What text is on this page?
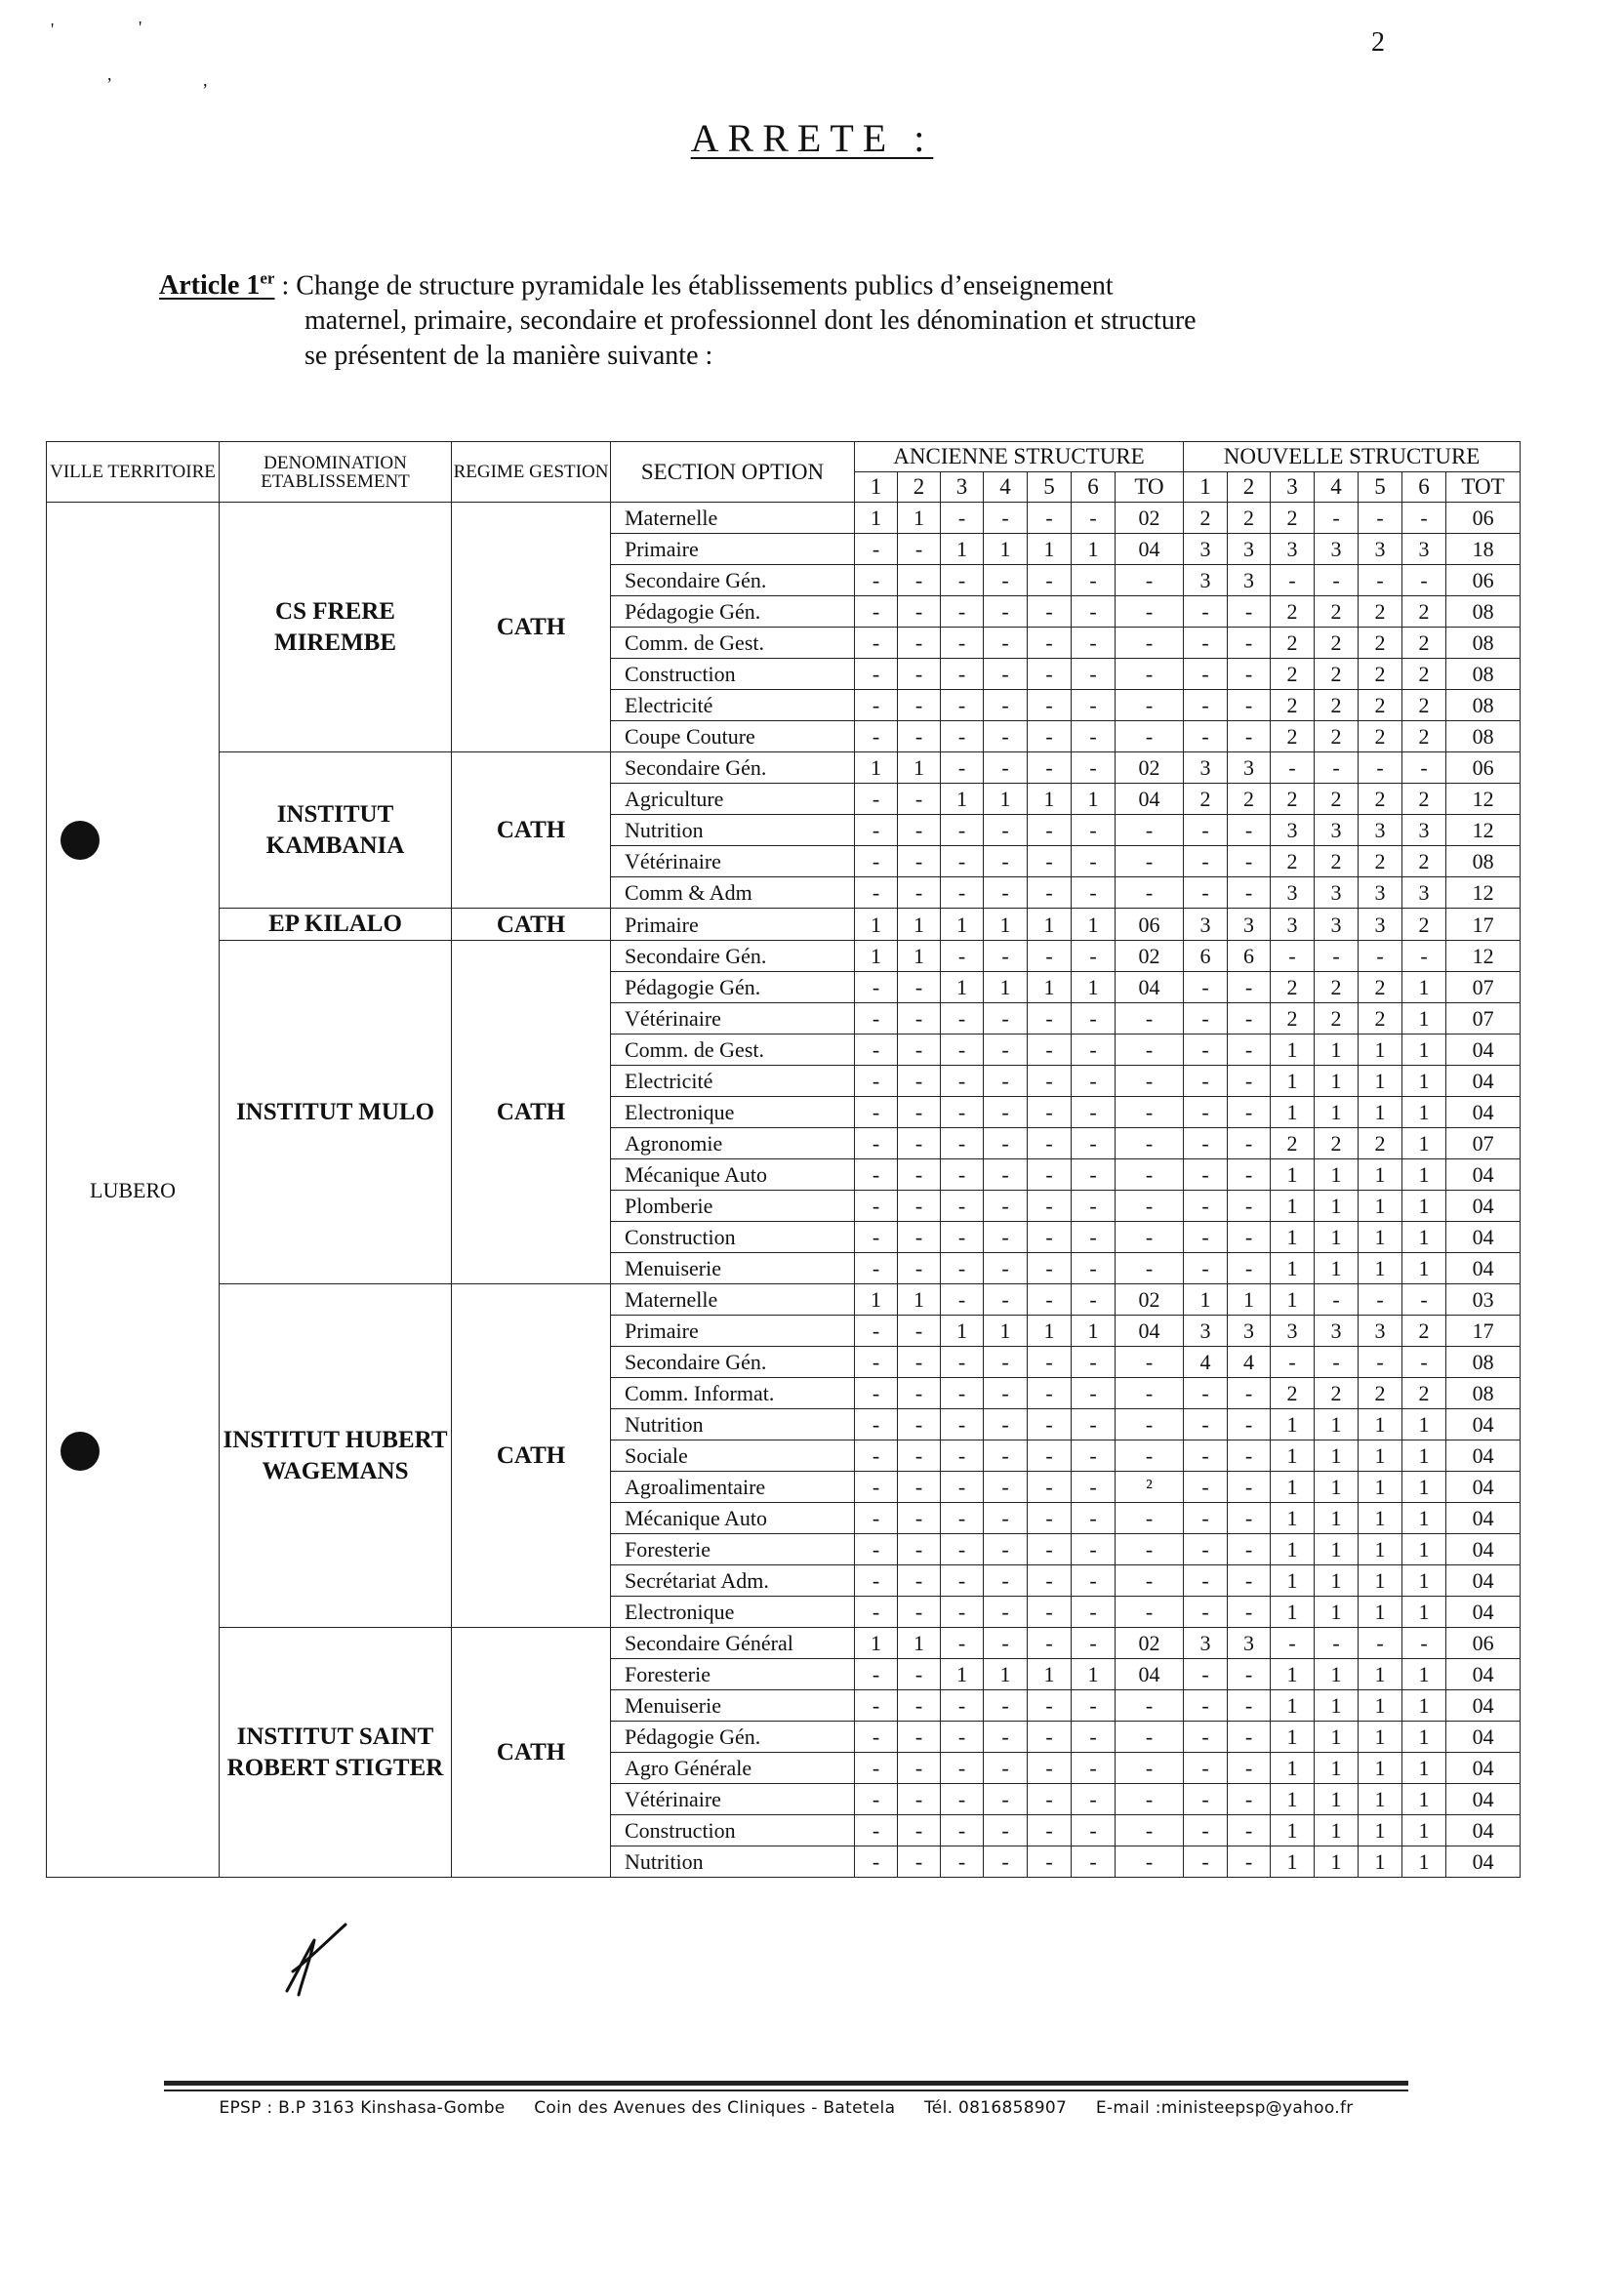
'	'
,	,
2
ARRETE :
Article 1er : Change de structure pyramidale les établissements publics d’enseignement
maternel, primaire, secondaire et professionnel dont les dénomination et structure
se présentent de la manière suivante :
VILLE TERRITOIRE	DENOMINATION ETABLISSEMENT	REGIME GESTION	SECTION OPTION	ANCIENNE STRUCTURE							NOUVELLE STRUCTURE						
				1	2	3	4	5	6	TO	1	2	3	4	5	6	TOT
LUBERO	CS FRERE MIREMBE	CATH	Maternelle	1	1	-	-	-	-	02	2	2	2	-	-	-	06
			Primaire	-	-	1	1	1	1	04	3	3	3	3	3	3	18
			Secondaire Gén.	-	-	-	-	-	-	-	3	3	-	-	-	-	06
			Pédagogie Gén.	-	-	-	-	-	-	-	-	-	2	2	2	2	08
			Comm. de Gest.	-	-	-	-	-	-	-	-	-	2	2	2	2	08
			Construction	-	-	-	-	-	-	-	-	-	2	2	2	2	08
			Electricité	-	-	-	-	-	-	-	-	-	2	2	2	2	08
			Coupe Couture	-	-	-	-	-	-	-	-	-	2	2	2	2	08
	INSTITUT KAMBANIA	CATH	Secondaire Gén.	1	1	-	-	-	-	02	3	3	-	-	-	-	06
			Agriculture	-	-	1	1	1	1	04	2	2	2	2	2	2	12
			Nutrition	-	-	-	-	-	-	-	-	-	3	3	3	3	12
			Vétérinaire	-	-	-	-	-	-	-	-	-	2	2	2	2	08
			Comm & Adm	-	-	-	-	-	-	-	-	-	3	3	3	3	12
	EP KILALO	CATH	Primaire	1	1	1	1	1	1	06	3	3	3	3	3	2	17
	INSTITUT MULO	CATH	Secondaire Gén.	1	1	-	-	-	-	02	6	6	-	-	-	-	12
			Pédagogie Gén.	-	-	1	1	1	1	04	-	-	2	2	2	1	07
			Vétérinaire	-	-	-	-	-	-	-	-	-	2	2	2	1	07
			Comm. de Gest.	-	-	-	-	-	-	-	-	-	1	1	1	1	04
			Electricité	-	-	-	-	-	-	-	-	-	1	1	1	1	04
			Electronique	-	-	-	-	-	-	-	-	-	1	1	1	1	04
			Agronomie	-	-	-	-	-	-	-	-	-	2	2	2	1	07
			Mécanique Auto	-	-	-	-	-	-	-	-	-	1	1	1	1	04
			Plomberie	-	-	-	-	-	-	-	-	-	1	1	1	1	04
			Construction	-	-	-	-	-	-	-	-	-	1	1	1	1	04
			Menuiserie	-	-	-	-	-	-	-	-	-	1	1	1	1	04
	INSTITUT HUBERT WAGEMANS	CATH	Maternelle	1	1	-	-	-	-	02	1	1	1	-	-	-	03
			Primaire	-	-	1	1	1	1	04	3	3	3	3	3	2	17
			Secondaire Gén.	-	-	-	-	-	-	-	4	4	-	-	-	-	08
			Comm. Informat.	-	-	-	-	-	-	-	-	-	2	2	2	2	08
			Nutrition	-	-	-	-	-	-	-	-	-	1	1	1	1	04
			Sociale	-	-	-	-	-	-	-	-	-	1	1	1	1	04
			Agroalimentaire	-	-	-	-	-	-	²	-	-	1	1	1	1	04
			Mécanique Auto	-	-	-	-	-	-	-	-	-	1	1	1	1	04
			Foresterie	-	-	-	-	-	-	-	-	-	1	1	1	1	04
			Secrétariat Adm.	-	-	-	-	-	-	-	-	-	1	1	1	1	04
			Electronique	-	-	-	-	-	-	-	-	-	1	1	1	1	04
	INSTITUT SAINT ROBERT STIGTER	CATH	Secondaire Général	1	1	-	-	-	-	02	3	3	-	-	-	-	06
			Foresterie	-	-	1	1	1	1	04	-	-	1	1	1	1	04
			Menuiserie	-	-	-	-	-	-	-	-	-	1	1	1	1	04
			Pédagogie Gén.	-	-	-	-	-	-	-	-	-	1	1	1	1	04
			Agro Générale	-	-	-	-	-	-	-	-	-	1	1	1	1	04
			Vétérinaire	-	-	-	-	-	-	-	-	-	1	1	1	1	04
			Construction	-	-	-	-	-	-	-	-	-	1	1	1	1	04
			Nutrition	-	-	-	-	-	-	-	-	-	1	1	1	1	04
EPSP : B.P 3163 Kinshasa-Gombe Coin des Avenues des Cliniques - Batetela Tél. 0816858907 E-mail :ministeepsp@yahoo.fr
